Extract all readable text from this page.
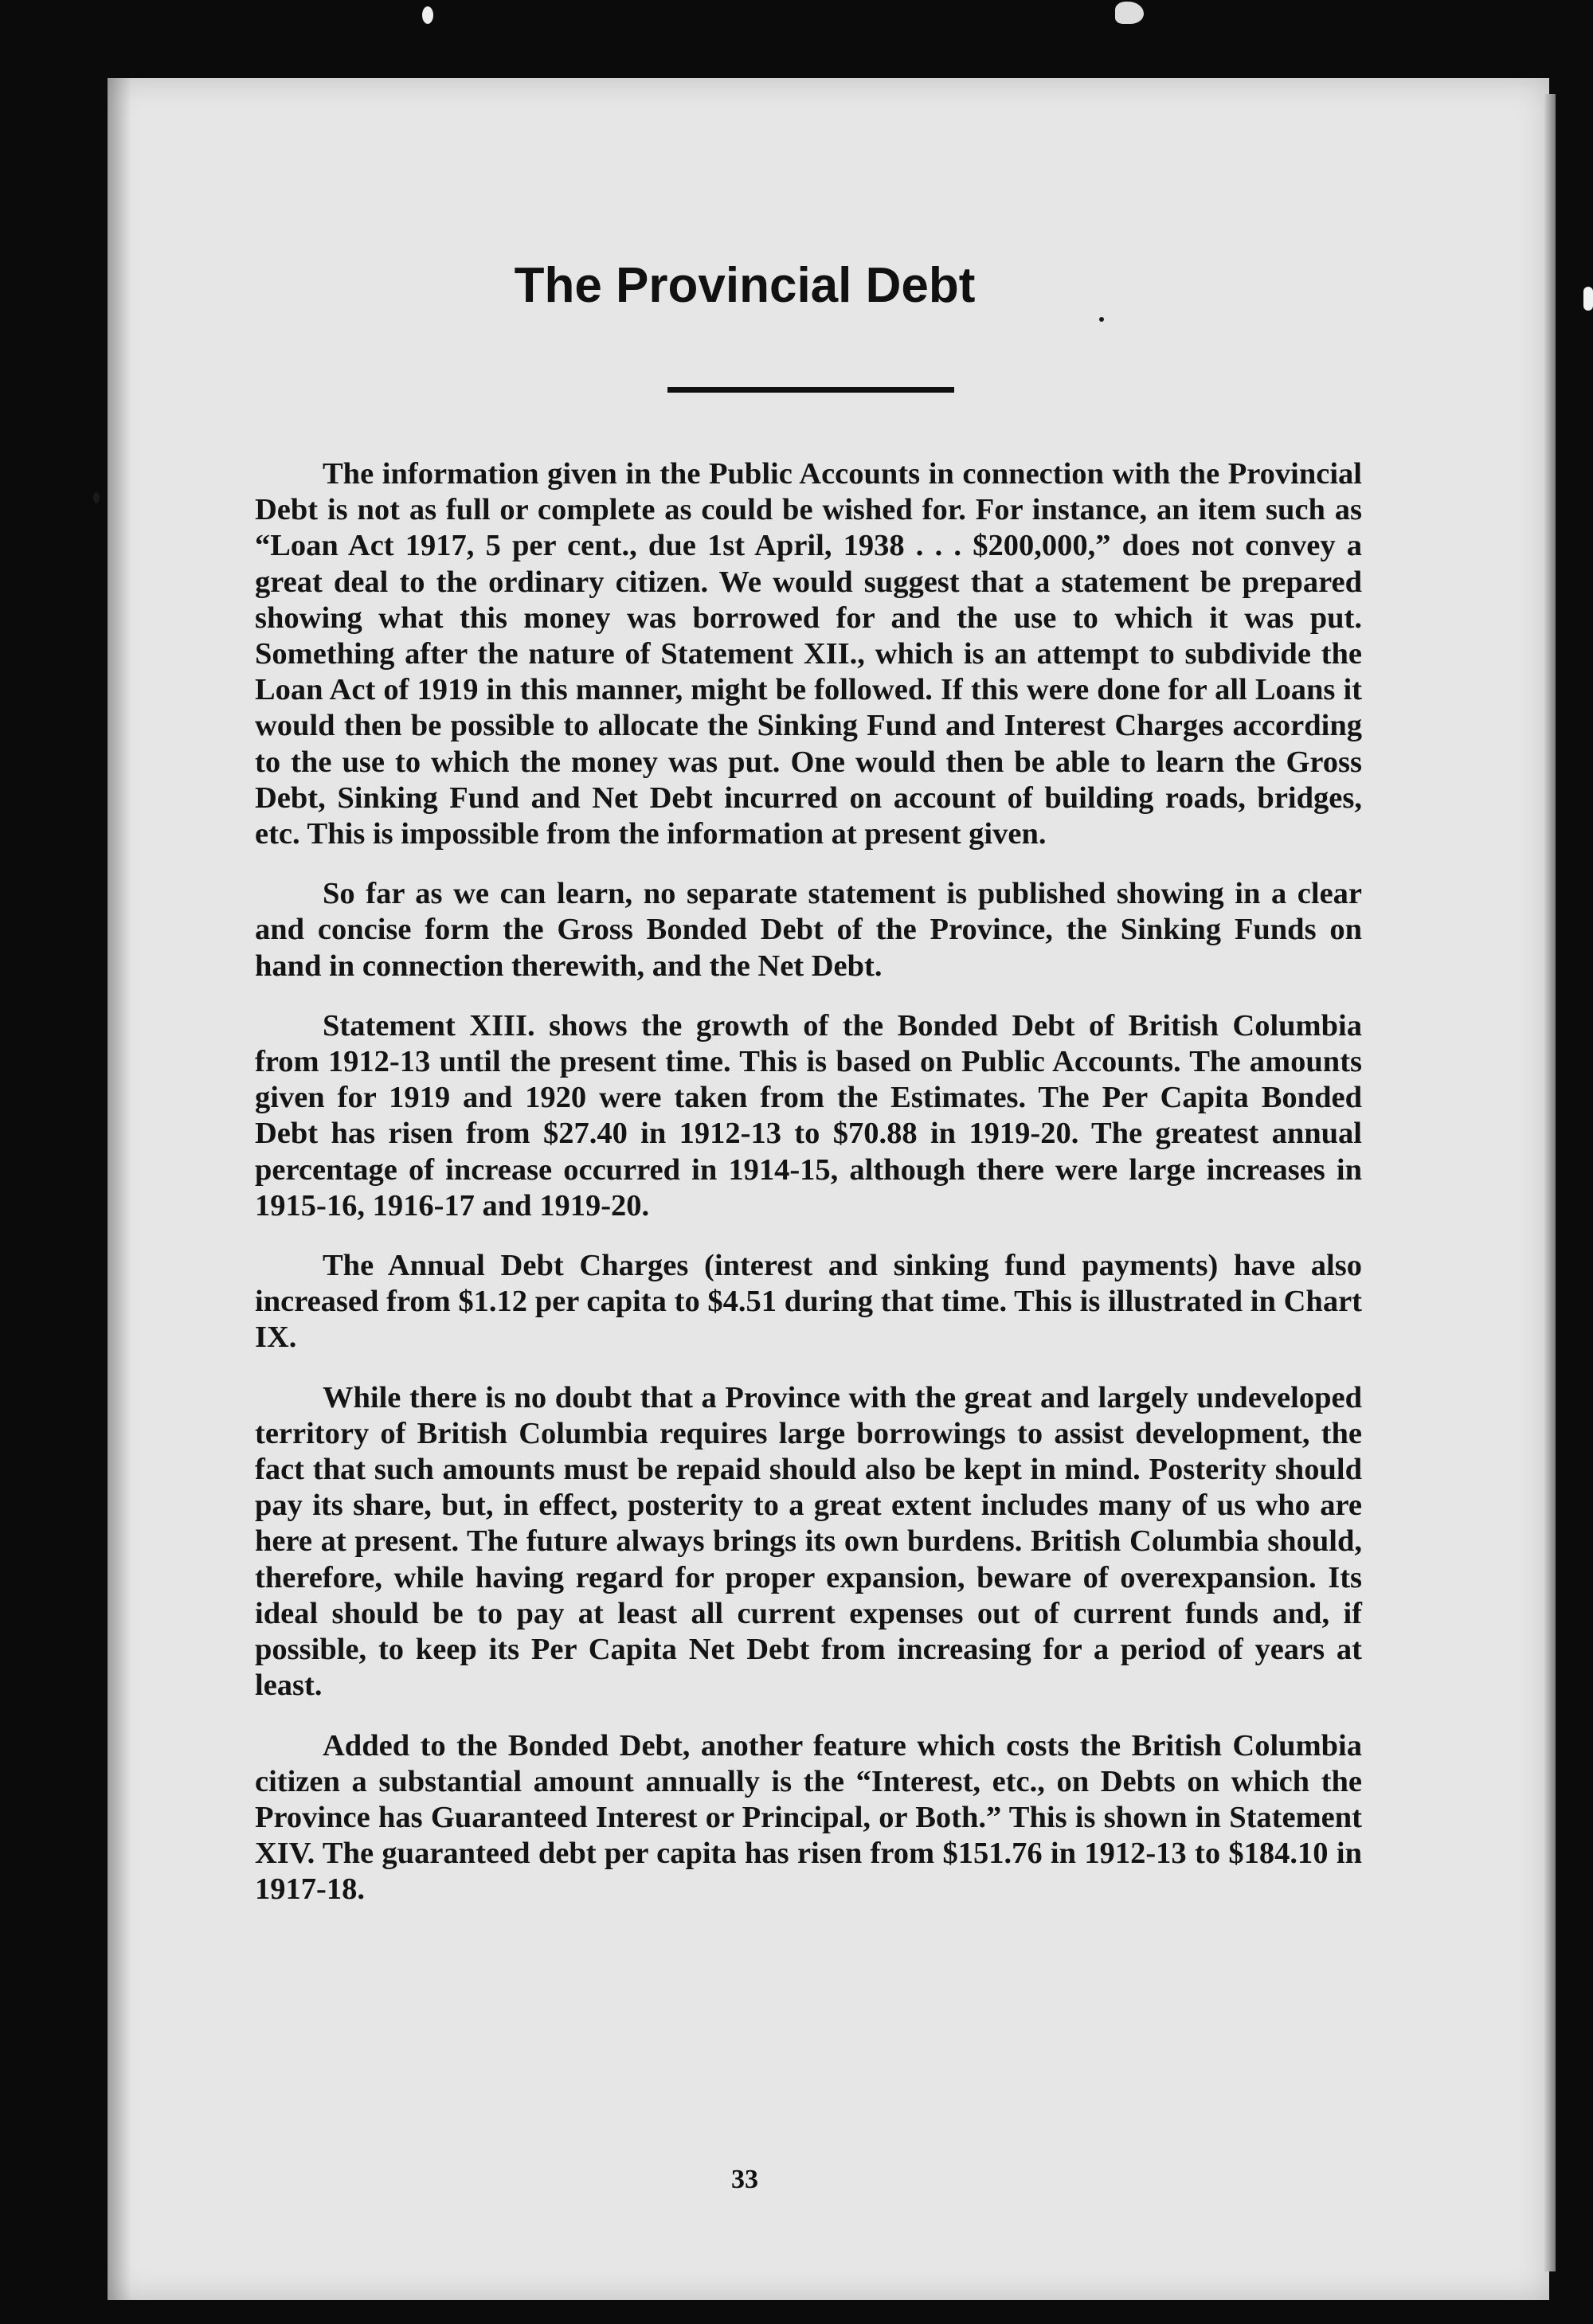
The Provincial Debt

The information given in the Public Accounts in connection with the Provincial Debt is not as full or complete as could be wished for. For instance, an item such as “Loan Act 1917, 5 per cent., due 1st April, 1938 . . . $200,000,” does not convey a great deal to the ordinary citizen. We would suggest that a statement be prepared showing what this money was borrowed for and the use to which it was put. Something after the nature of Statement XII., which is an attempt to subdivide the Loan Act of 1919 in this manner, might be followed. If this were done for all Loans it would then be possible to allocate the Sinking Fund and Interest Charges according to the use to which the money was put. One would then be able to learn the Gross Debt, Sinking Fund and Net Debt incurred on account of building roads, bridges, etc. This is impossible from the information at present given.

So far as we can learn, no separate statement is published showing in a clear and concise form the Gross Bonded Debt of the Province, the Sinking Funds on hand in connection therewith, and the Net Debt.

Statement XIII. shows the growth of the Bonded Debt of British Columbia from 1912-13 until the present time. This is based on Public Accounts. The amounts given for 1919 and 1920 were taken from the Estimates. The Per Capita Bonded Debt has risen from $27.40 in 1912-13 to $70.88 in 1919-20. The greatest annual percentage of increase occurred in 1914-15, although there were large increases in 1915-16, 1916-17 and 1919-20.

The Annual Debt Charges (interest and sinking fund payments) have also increased from $1.12 per capita to $4.51 during that time. This is illustrated in Chart IX.

While there is no doubt that a Province with the great and largely undeveloped territory of British Columbia requires large borrowings to assist development, the fact that such amounts must be repaid should also be kept in mind. Posterity should pay its share, but, in effect, posterity to a great extent includes many of us who are here at present. The future always brings its own burdens. British Columbia should, therefore, while having regard for proper expansion, beware of overexpansion. Its ideal should be to pay at least all current expenses out of current funds and, if possible, to keep its Per Capita Net Debt from increasing for a period of years at least.

Added to the Bonded Debt, another feature which costs the British Columbia citizen a substantial amount annually is the “Interest, etc., on Debts on which the Province has Guaranteed Interest or Principal, or Both.” This is shown in Statement XIV. The guaranteed debt per capita has risen from $151.76 in 1912-13 to $184.10 in 1917-18.

33
